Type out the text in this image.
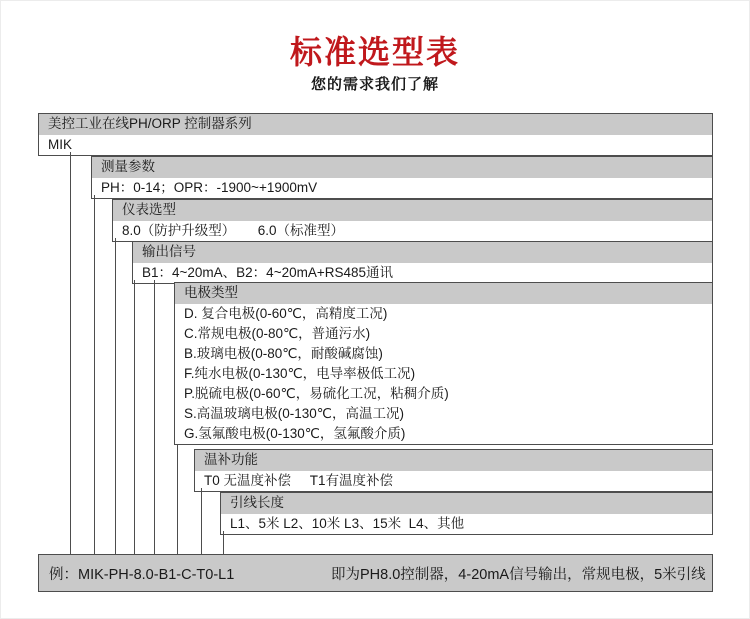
标准选型表
您的需求我们了解
美控工业在线PH/ORP 控制器系列
MIK
测量参数
PH：0-14；OPR：-1900~+1900mV
仪表选型
8.0（防护升级型）      6.0（标准型）
输出信号
B1：4~20mA、B2：4~20mA+RS485通讯
电极类型
D. 复合电极(0-60℃，高精度工况)
C.常规电极(0-80℃，普通污水)
B.玻璃电极(0-80℃，耐酸碱腐蚀)
F.纯水电极(0-130℃，电导率极低工况)
P.脱硫电极(0-60℃，易硫化工况，粘稠介质)
S.高温玻璃电极(0-130℃，高温工况)
G.氢氟酸电极(0-130℃，氢氟酸介质)
温补功能
T0 无温度补偿     T1有温度补偿
引线长度
L1、5米 L2、10米 L3、15米  L4、其他
例：MIK-PH-8.0-B1-C-T0-L1	即为PH8.0控制器，4-20mA信号输出，常规电极，5米引线
